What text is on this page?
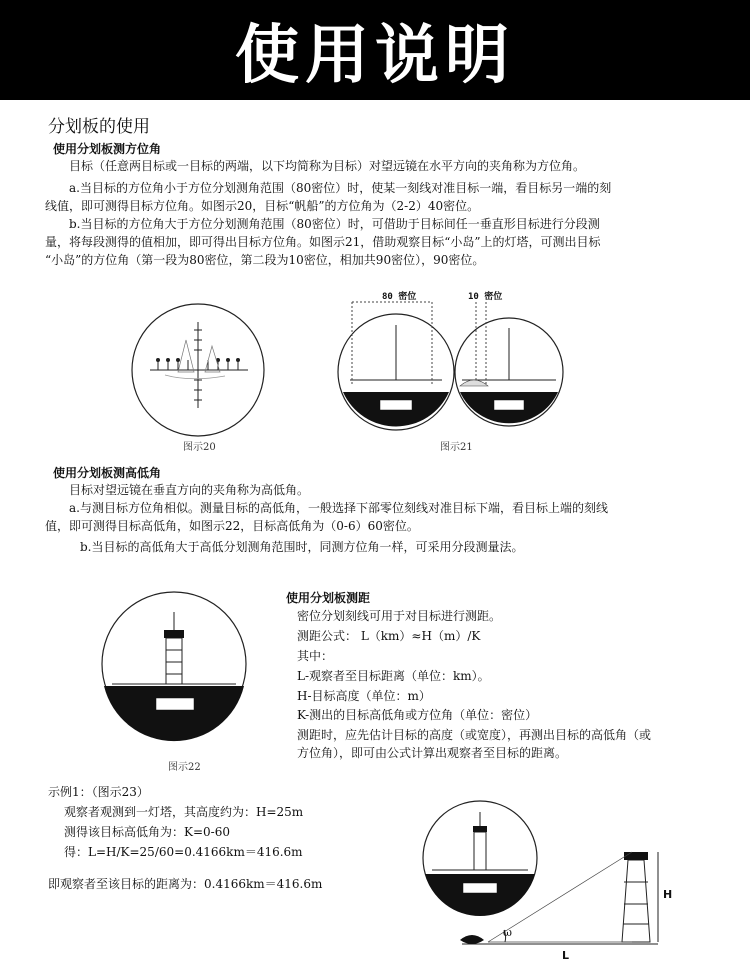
使用说明
分划板的使用
使用分划板测方位角
目标（任意两目标或一目标的两端，以下均简称为目标）对望远镜在水平方向的夹角称为方位角。
a.当目标的方位角小于方位分划测角范围（80密位）时，使某一刻线对准目标一端，看目标另一端的刻
线值，即可测得目标方位角。如图示20，目标“帆船”的方位角为（2-2）40密位。
b.当目标的方位角大于方位分划测角范围（80密位）时，可借助于目标间任一垂直形目标进行分段测
量，将每段测得的值相加，即可得出目标方位角。如图示21，借助观察目标“小岛”上的灯塔，可测出目标
“小岛”的方位角（第一段为80密位，第二段为10密位，相加共90密位），90密位。
图示20
80 密位	10 密位
图示21
使用分划板测高低角
目标对望远镜在垂直方向的夹角称为高低角。
a.与测目标方位角相似。测量目标的高低角，一般选择下部零位刻线对准目标下端，看目标上端的刻线
值，即可测得目标高低角，如图示22，目标高低角为（0-6）60密位。
b.当目标的高低角大于高低分划测角范围时，同测方位角一样，可采用分段测量法。
图示22
使用分划板测距
密位分划刻线可用于对目标进行测距。
测距公式： L（km）≈H（m）/K
其中：
L-观察者至目标距离（单位：km）。
H-目标高度（单位：m）
K-测出的目标高低角或方位角（单位：密位）
测距时，应先估计目标的高度（或宽度），再测出目标的高低角（或
方位角），即可由公式计算出观察者至目标的距离。
示例1：（图示23）
观察者观测到一灯塔，其高度约为：H=25m
测得该目标高低角为：K=0-60
得：L=H/K=25/60=0.4166km＝416.6m
即观察者至该目标的距离为：0.4166km＝416.6m
H
L
ω
